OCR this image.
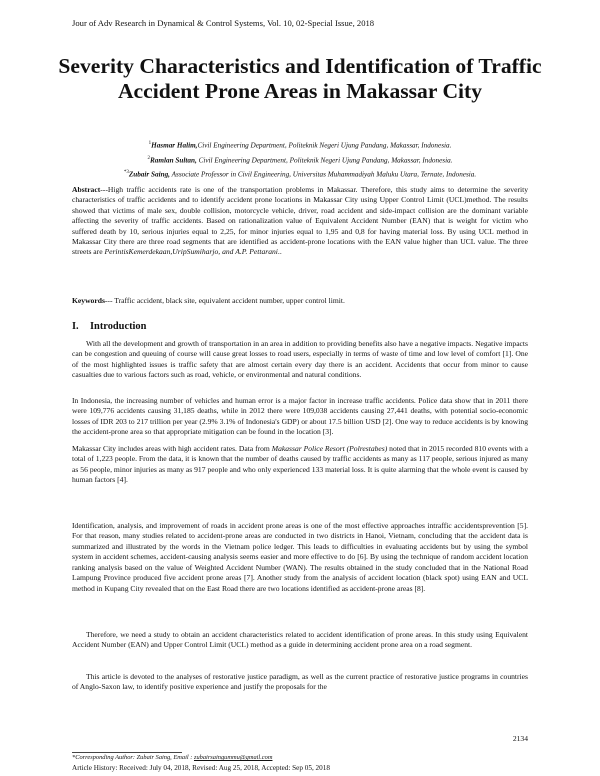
Jour of Adv Research in Dynamical & Control Systems, Vol. 10, 02-Special Issue, 2018
Severity Characteristics and Identification of Traffic Accident Prone Areas in Makassar City
$^1$Hasmar Halim,Civil Engineering Department, Politeknik Negeri Ujung Pandang, Makassar, Indonesia.
$^2$Ramlan Sultan, Civil Engineering Department, Politeknik Negeri Ujung Pandang, Makassar, Indonesia.
$^{*3}$Zubair Saing, Associate Professor in Civil Engineering, Universitas Muhammadiyah Maluku Utara, Ternate, Indonesia.

Abstract---High traffic accidents rate is one of the transportation problems in Makassar. Therefore, this study aims to determine the severity characteristics of traffic accidents and to identify accident prone locations in Makassar City using Upper Control Limit (UCL)method. The results showed that victims of male sex, double collision, motorcycle vehicle, driver, road accident and side-impact collision are the dominant variable affecting the severity of traffic accidents. Based on rationalization value of Equivalent Accident Number (EAN) that is weight for victim who suffered death by 10, serious injuries equal to 2,25, for minor injuries equal to 1,95 and 0,8 for having material loss. By using UCL method in Makassar City there are three road segments that are identified as accident-prone locations with the EAN value higher than UCL value. The three streets are PerintisKemerdekaan,UripSumiharjo, and A.P. Pettarani..

Keywords--- Traffic accident, black site, equivalent accident number, upper control limit.

I. Introduction

With all the development and growth of transportation in an area in addition to providing benefits also have a negative impacts. Negative impacts can be congestion and queuing of course will cause great losses to road users, especially in terms of waste of time and low level of comfort [1]. One of the most highlighted issues is traffic safety that are almost certain every day there is an accident. Accidents that occur from minor to cause casualties due to various factors such as road, vehicle, or environmental and natural conditions.

In Indonesia, the increasing number of vehicles and human error is a major factor in increase traffic accidents. Police data show that in 2011 there were 109,776 accidents causing 31,185 deaths, while in 2012 there were 109,038 accidents causing 27,441 deaths, with potential socio-economic losses of IDR 203 to 217 trillion per year (2.9% 3.1% of Indonesia's GDP) or about 17.5 billion USD [2]. One way to reduce accidents is by knowing the accident-prone area so that appropriate mitigation can be found in the location [3].

Makassar City includes areas with high accident rates. Data from Makassar Police Resort (Polrestabes) noted that in 2015 recorded 810 events with a total of 1,223 people. From the data, it is known that the number of deaths caused by traffic accidents as many as 117 people, serious injured as many as 56 people, minor injuries as many as 917 people and who only experienced 133 material loss. It is quite alarming that the whole event is caused by human factors [4].

Identification, analysis, and improvement of roads in accident prone areas is one of the most effective approaches intraffic accidentsprevention [5]. For that reason, many studies related to accident-prone areas are conducted in two districts in Hanoi, Vietnam, concluding that the accident data is summarized and illustrated by the words in the Vietnam police ledger. This leads to difficulties in evaluating accidents but by using the symbol system in accident schemes, accident-causing analysis seems easier and more effective to do [6]. By using the technique of random accident location ranking analysis based on the value of Weighted Accident Number (WAN). The results obtained in the study concluded that in the National Road Lampung Province produced five accident prone areas [7]. Another study from the analysis of accident location (black spot) using EAN and UCL method in Kupang City revealed that on the East Road there are two locations identified as accident-prone areas [8].

Therefore, we need a study to obtain an accident characteristics related to accident identification of prone areas. In this study using Equivalent Accident Number (EAN) and Upper Control Limit (UCL) method as a guide in determining accident prone area on a road segment.

This article is devoted to the analyses of restorative justice paradigm, as well as the current practice of restorative justice programs in countries of Anglo-Saxon law, to identify positive experience and justify the proposals for the

2134
*Corresponding Author: Zubair Saing, Email : zubairsaingummu@gmail.com
Article History: Received: July 04, 2018, Revised: Aug 25, 2018, Accepted: Sep 05, 2018
